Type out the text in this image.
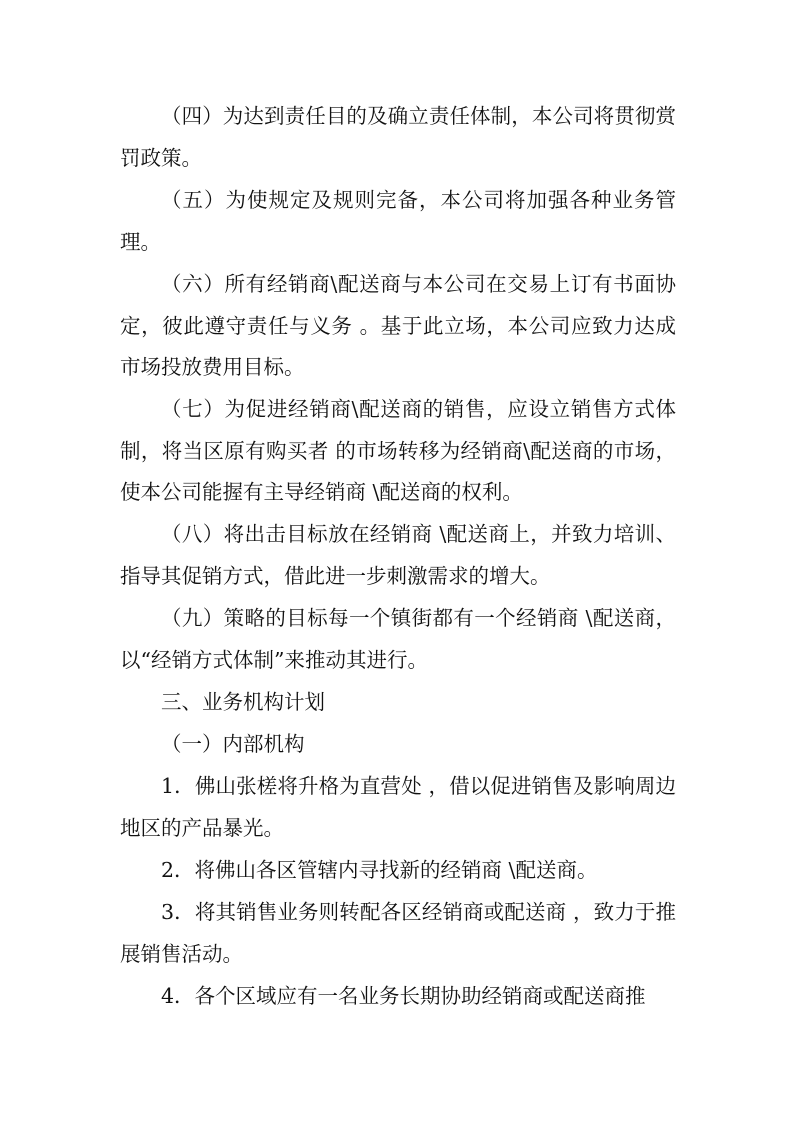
（四）为达到责任目的及确立责任体制，本公司将贯彻赏罚政策。

（五）为使规定及规则完备，本公司将加强各种业务管理。

（六）所有经销商\配送商与本公司在交易上订有书面协定，彼此遵守责任与义务 。基于此立场，本公司应致力达成市场投放费用目标。

（七）为促进经销商\配送商的销售，应设立销售方式体制，将当区原有购买者 的市场转移为经销商\配送商的市场，使本公司能握有主导经销商 \配送商的权利。

（八）将出击目标放在经销商 \配送商上，并致力培训、指导其促销方式，借此进一步刺激需求的增大。

（九）策略的目标每一个镇街都有一个经销商 \配送商，以“经销方式体制”来推动其进行。

三、业务机构计划

（一）内部机构

1．佛山张槎将升格为直营处 ，借以促进销售及影响周边地区的产品暴光。

2．将佛山各区管辖内寻找新的经销商 \配送商。

3．将其销售业务则转配各区经销商或配送商 ，致力于推展销售活动。

4．各个区域应有一名业务长期协助经销商或配送商推
